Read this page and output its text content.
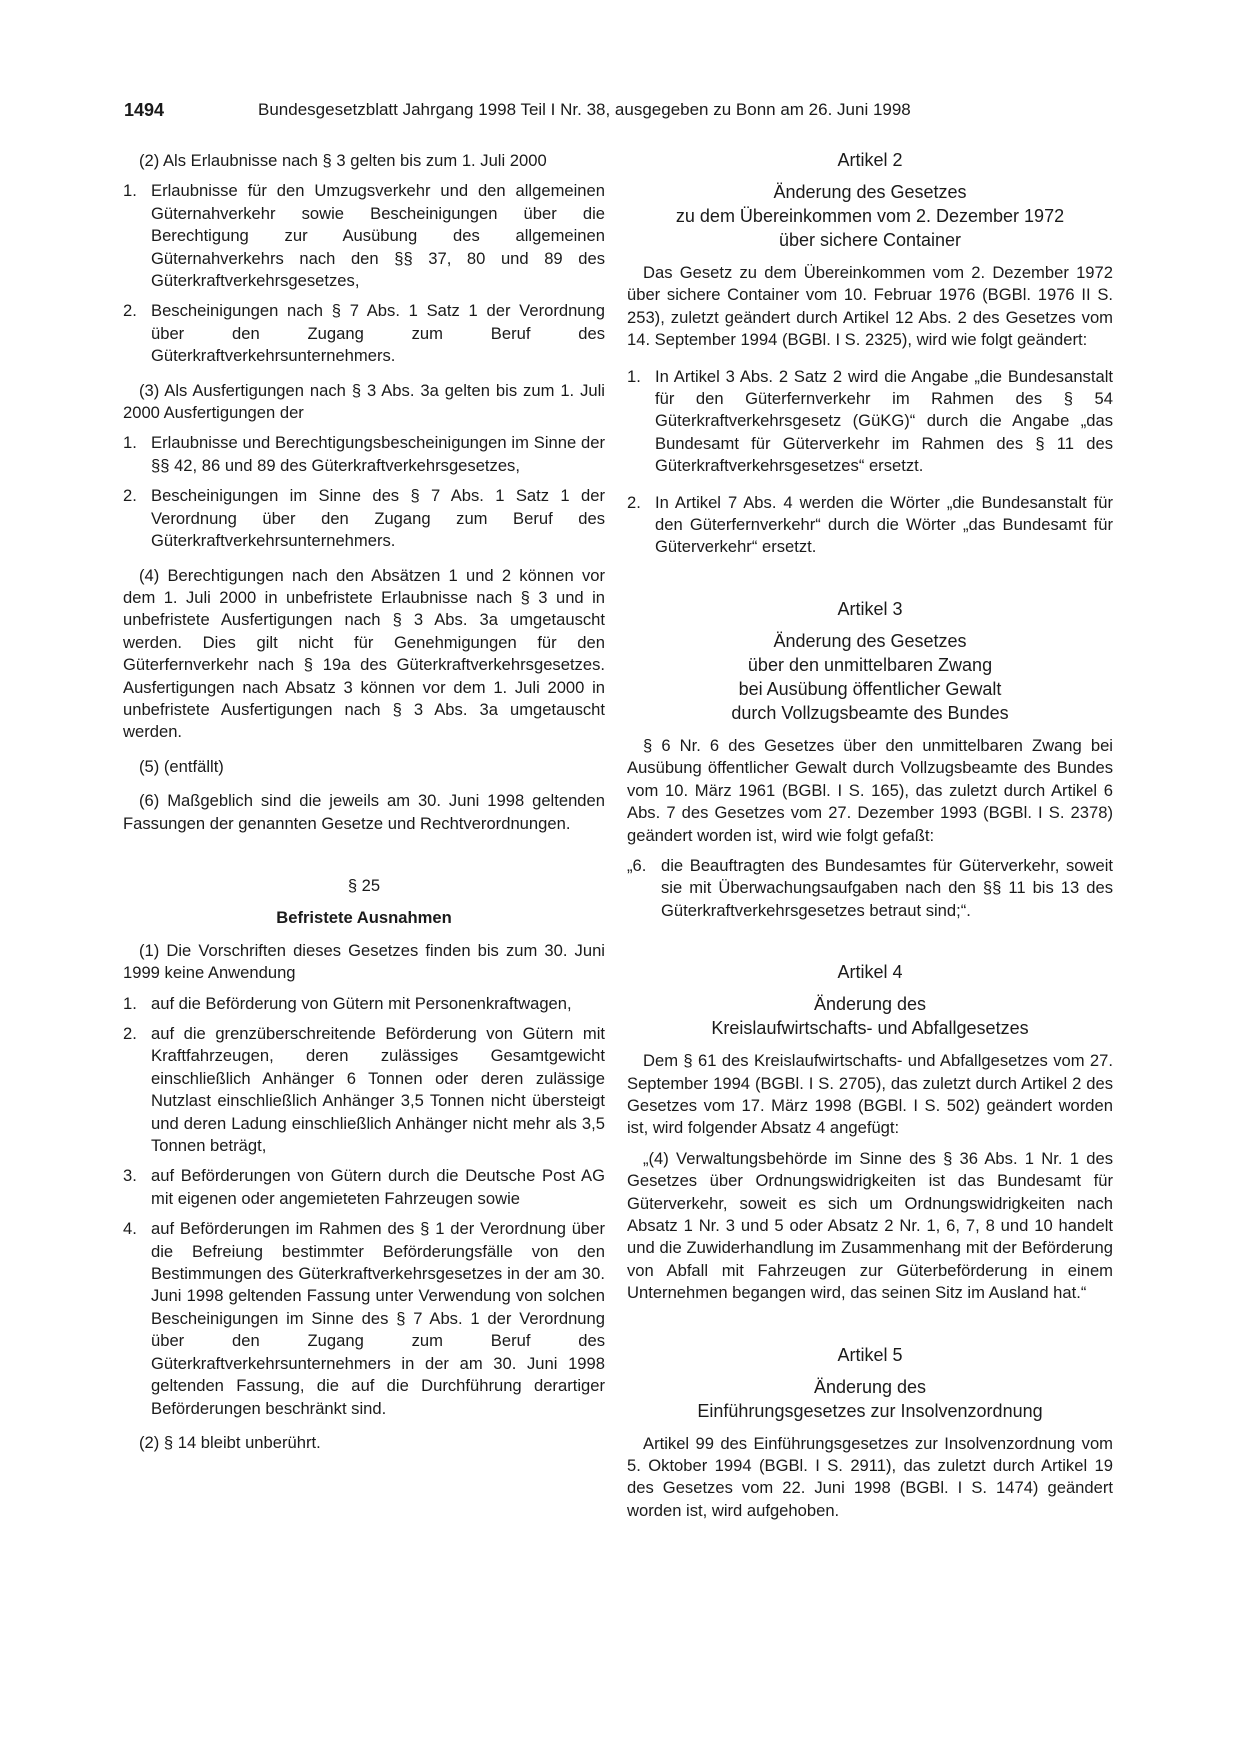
1494	Bundesgesetzblatt Jahrgang 1998 Teil I Nr. 38, ausgegeben zu Bonn am 26. Juni 1998

(2) Als Erlaubnisse nach § 3 gelten bis zum 1. Juli 2000

1. Erlaubnisse für den Umzugsverkehr und den allgemeinen Güternahverkehr sowie Bescheinigungen über die Berechtigung zur Ausübung des allgemeinen Güternahverkehrs nach den §§ 37, 80 und 89 des Güterkraftverkehrsgesetzes,
2. Bescheinigungen nach § 7 Abs. 1 Satz 1 der Verordnung über den Zugang zum Beruf des Güterkraftverkehrsunternehmers.

(3) Als Ausfertigungen nach § 3 Abs. 3a gelten bis zum 1. Juli 2000 Ausfertigungen der

1. Erlaubnisse und Berechtigungsbescheinigungen im Sinne der §§ 42, 86 und 89 des Güterkraftverkehrsgesetzes,
2. Bescheinigungen im Sinne des § 7 Abs. 1 Satz 1 der Verordnung über den Zugang zum Beruf des Güterkraftverkehrsunternehmers.

(4) Berechtigungen nach den Absätzen 1 und 2 können vor dem 1. Juli 2000 in unbefristete Erlaubnisse nach § 3 und in unbefristete Ausfertigungen nach § 3 Abs. 3a umgetauscht werden. Dies gilt nicht für Genehmigungen für den Güterfernverkehr nach § 19a des Güterkraftverkehrsgesetzes. Ausfertigungen nach Absatz 3 können vor dem 1. Juli 2000 in unbefristete Ausfertigungen nach § 3 Abs. 3a umgetauscht werden.

(5) (entfällt)

(6) Maßgeblich sind die jeweils am 30. Juni 1998 geltenden Fassungen der genannten Gesetze und Rechtverordnungen.

§ 25

Befristete Ausnahmen

(1) Die Vorschriften dieses Gesetzes finden bis zum 30. Juni 1999 keine Anwendung

1. auf die Beförderung von Gütern mit Personenkraftwagen,
2. auf die grenzüberschreitende Beförderung von Gütern mit Kraftfahrzeugen, deren zulässiges Gesamtgewicht einschließlich Anhänger 6 Tonnen oder deren zulässige Nutzlast einschließlich Anhänger 3,5 Tonnen nicht übersteigt und deren Ladung einschließlich Anhänger nicht mehr als 3,5 Tonnen beträgt,
3. auf Beförderungen von Gütern durch die Deutsche Post AG mit eigenen oder angemieteten Fahrzeugen sowie
4. auf Beförderungen im Rahmen des § 1 der Verordnung über die Befreiung bestimmter Beförderungsfälle von den Bestimmungen des Güterkraftverkehrsgesetzes in der am 30. Juni 1998 geltenden Fassung unter Verwendung von solchen Bescheinigungen im Sinne des § 7 Abs. 1 der Verordnung über den Zugang zum Beruf des Güterkraftverkehrsunternehmers in der am 30. Juni 1998 geltenden Fassung, die auf die Durchführung derartiger Beförderungen beschränkt sind.

(2) § 14 bleibt unberührt.

Artikel 2

Änderung des Gesetzes
zu dem Übereinkommen vom 2. Dezember 1972
über sichere Container

Das Gesetz zu dem Übereinkommen vom 2. Dezember 1972 über sichere Container vom 10. Februar 1976 (BGBl. 1976 II S. 253), zuletzt geändert durch Artikel 12 Abs. 2 des Gesetzes vom 14. September 1994 (BGBl. I S. 2325), wird wie folgt geändert:

1. In Artikel 3 Abs. 2 Satz 2 wird die Angabe „die Bundesanstalt für den Güterfernverkehr im Rahmen des § 54 Güterkraftverkehrsgesetz (GüKG)“ durch die Angabe „das Bundesamt für Güterverkehr im Rahmen des § 11 des Güterkraftverkehrsgesetzes“ ersetzt.
2. In Artikel 7 Abs. 4 werden die Wörter „die Bundesanstalt für den Güterfernverkehr“ durch die Wörter „das Bundesamt für Güterverkehr“ ersetzt.

Artikel 3

Änderung des Gesetzes
über den unmittelbaren Zwang
bei Ausübung öffentlicher Gewalt
durch Vollzugsbeamte des Bundes

§ 6 Nr. 6 des Gesetzes über den unmittelbaren Zwang bei Ausübung öffentlicher Gewalt durch Vollzugsbeamte des Bundes vom 10. März 1961 (BGBl. I S. 165), das zuletzt durch Artikel 6 Abs. 7 des Gesetzes vom 27. Dezember 1993 (BGBl. I S. 2378) geändert worden ist, wird wie folgt gefaßt:

„6. die Beauftragten des Bundesamtes für Güterverkehr, soweit sie mit Überwachungsaufgaben nach den §§ 11 bis 13 des Güterkraftverkehrsgesetzes betraut sind;“.

Artikel 4

Änderung des
Kreislaufwirtschafts- und Abfallgesetzes

Dem § 61 des Kreislaufwirtschafts- und Abfallgesetzes vom 27. September 1994 (BGBl. I S. 2705), das zuletzt durch Artikel 2 des Gesetzes vom 17. März 1998 (BGBl. I S. 502) geändert worden ist, wird folgender Absatz 4 angefügt:

„(4) Verwaltungsbehörde im Sinne des § 36 Abs. 1 Nr. 1 des Gesetzes über Ordnungswidrigkeiten ist das Bundesamt für Güterverkehr, soweit es sich um Ordnungswidrigkeiten nach Absatz 1 Nr. 3 und 5 oder Absatz 2 Nr. 1, 6, 7, 8 und 10 handelt und die Zuwiderhandlung im Zusammenhang mit der Beförderung von Abfall mit Fahrzeugen zur Güterbeförderung in einem Unternehmen begangen wird, das seinen Sitz im Ausland hat.“

Artikel 5

Änderung des
Einführungsgesetzes zur Insolvenzordnung

Artikel 99 des Einführungsgesetzes zur Insolvenzordnung vom 5. Oktober 1994 (BGBl. I S. 2911), das zuletzt durch Artikel 19 des Gesetzes vom 22. Juni 1998 (BGBl. I S. 1474) geändert worden ist, wird aufgehoben.
